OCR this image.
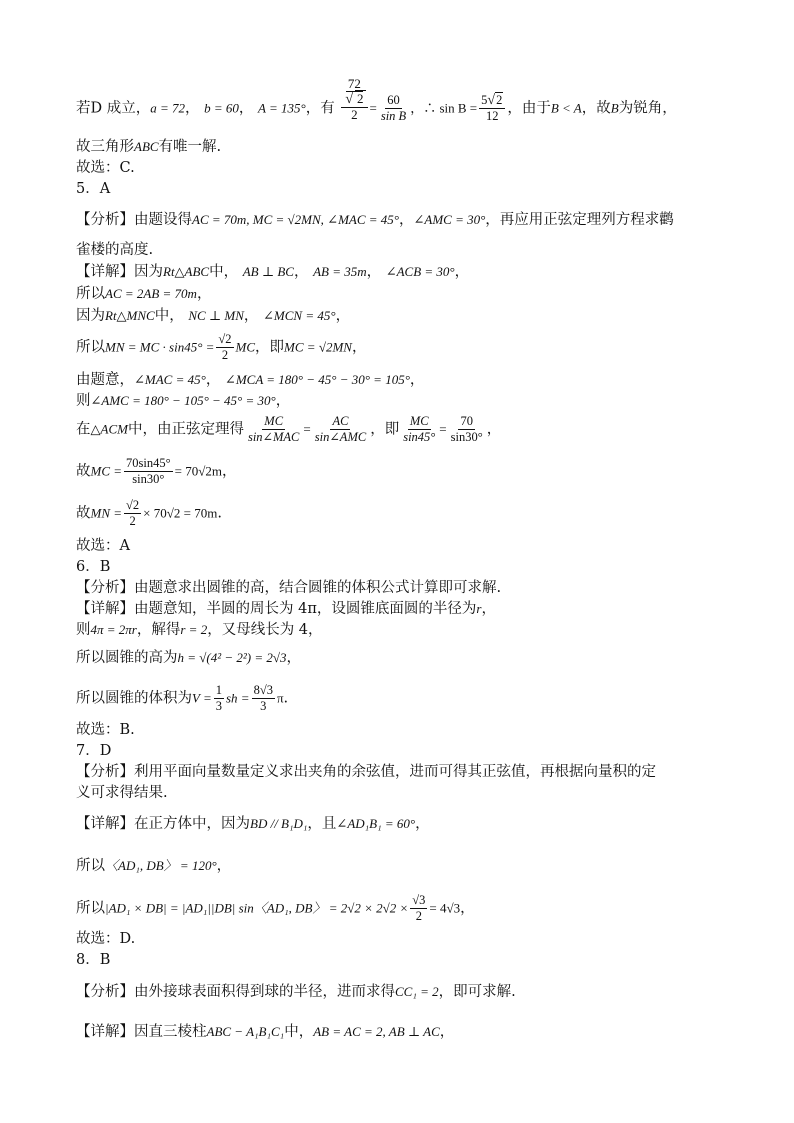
若D 成立，a = 72， b = 60， A = 135°，有
72
√ 2
$2 = \frac{60}{\text{sin B}}$ ，∴ $\sin B = \frac{5√2}{12}$ ，由于B < A，故B为锐角，
故三角形ABC有唯一解.
故选：C.
5．A
【分析】由题设得AC = 70m, MC = √2MN, ∠MAC = 45°，∠AMC = 30°，再应用正弦定理列方程求鹳
雀楼的高度.
【详解】因为Rt△ABC中， AB ⊥ BC， AB = 35m， ∠ACB = 30°，
所以AC = 2AB = 70m，
因为Rt△MNC中， NC ⊥ MN， ∠MCN = 45°，
所以MN = MC · $\sin 45^\circ = \frac{√2}{2}$ MC，即MC = √2MN，
由题意，∠MAC = 45°， ∠MCA = 180° − 45° − 30° = 105°，
则∠AMC = 180° − 105° − 45° = 30°，
在△ACM中，由正弦定理得 $\frac{MC}{\text{sin∠MAC}} = \frac{AC}{\text{sin∠AMC}}$ ，即 $\frac{MC}{\sin 45^\circ} = \frac{70}{\sin 30^\circ}$ ，
故MC = $\frac{70\sin 45^\circ}{\sin 30^\circ} = 70√2m$，
故MN = $\frac{√2}{2} \times 70√2 = 70m$.
故选：A
6．B
【分析】由题意求出圆锥的高，结合圆锥的体积公式计算即可求解.
【详解】由题意知，半圆的周长为 4π，设圆锥底面圆的半径为r，
则4π = 2πr，解得r = 2，又母线长为 4，
所以圆锥的高为h = √(4² − 2²) = 2√3，
所以圆锥的体积为$V = \frac{1}{3}$ sh = $\frac{8√3}{3} \pi$.
故选：B.
7．D
【分析】利用平面向量数量定义求出夹角的余弦值，进而可得其正弦值，再根据向量积的定
义可求得结果.
【详解】在正方体中，因为BD // B₁D₁，且∠AD₁B₁ = 60°，
所以〈AD₁, DB〉 = 120°，
所以|AD₁ × DB| = |AD₁||DB| sin〈AD₁, DB〉 = $2√2 \times 2√2 \times \frac{√3}{2} = 4√3$，
故选：D.
8．B
【分析】由外接球表面积得到球的半径，进而求得CC₁ = 2，即可求解.
【详解】因直三棱柱ABC − A₁B₁C₁中，AB = AC = 2, AB ⊥ AC，
